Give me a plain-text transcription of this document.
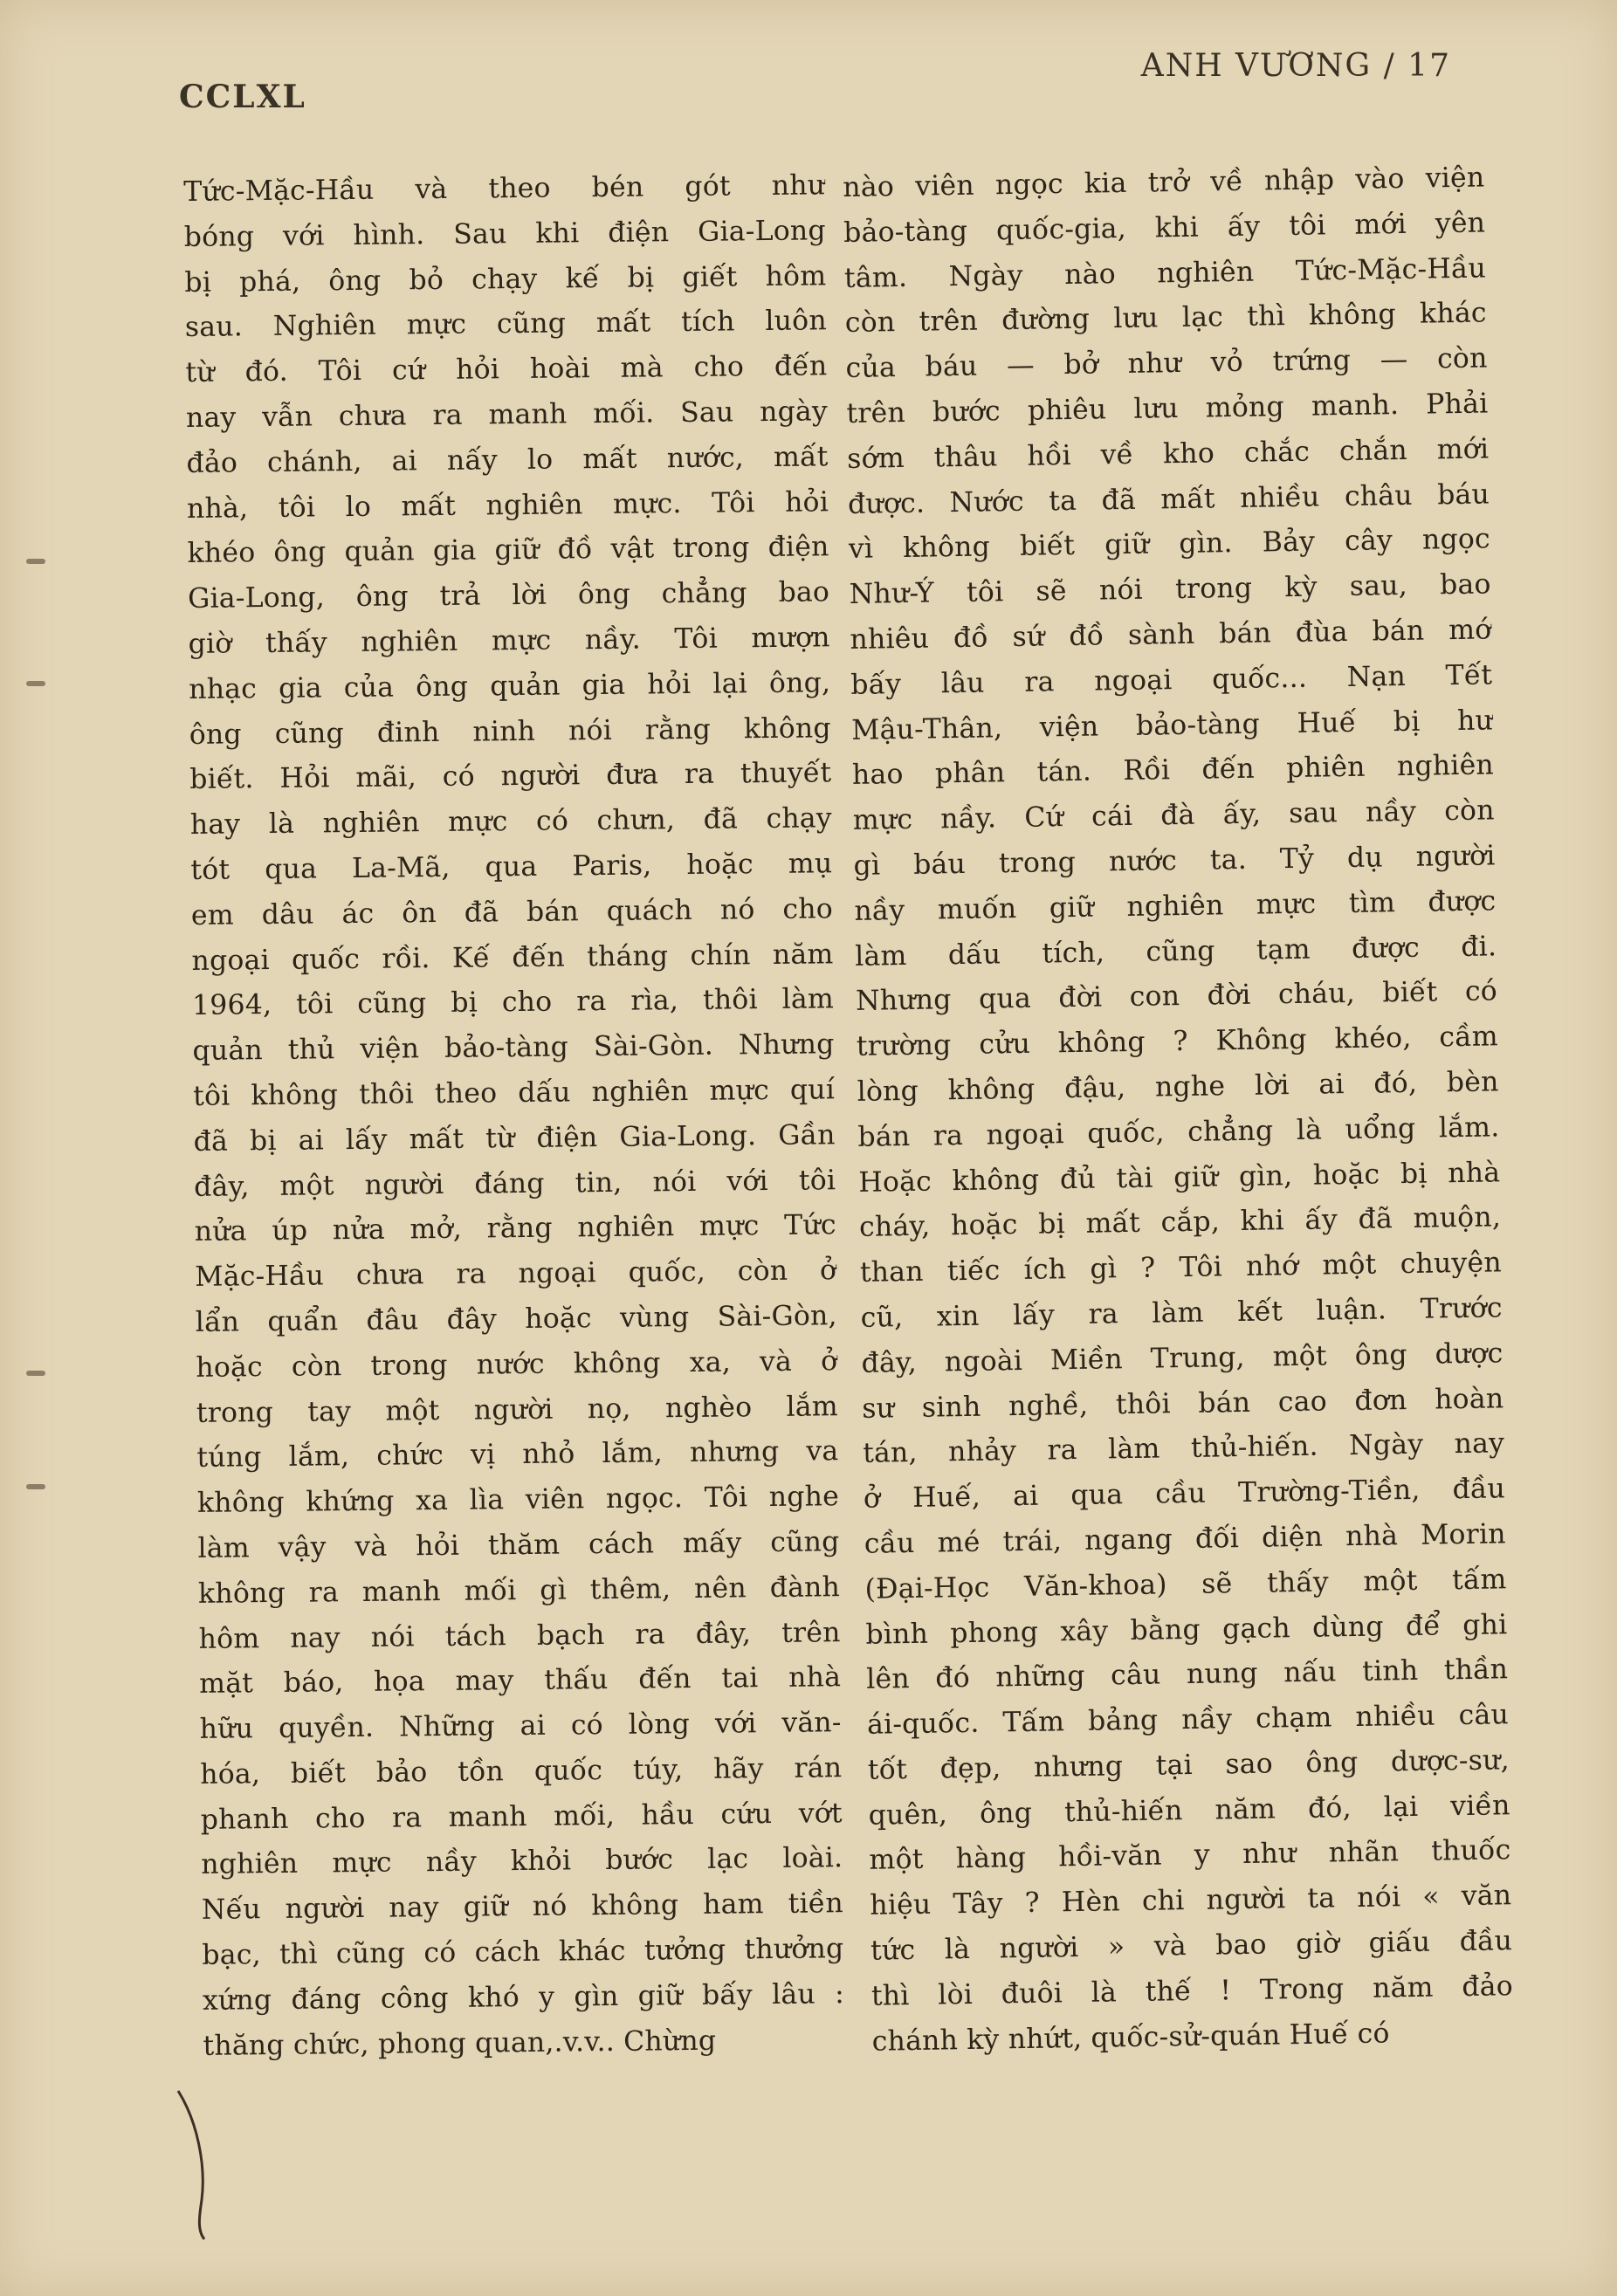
CCLXL
ANH VƯƠNG / 17
Tức-Mặc-Hầu và theo bén gót như
bóng với hình. Sau khi điện Gia-Long
bị phá, ông bỏ chạy kế bị giết hôm
sau. Nghiên mực cũng mất tích luôn
từ đó. Tôi cứ hỏi hoài mà cho đến
nay vẫn chưa ra manh mối. Sau ngày
đảo chánh, ai nấy lo mất nước, mất
nhà, tôi lo mất nghiên mực. Tôi hỏi
khéo ông quản gia giữ đồ vật trong điện
Gia-Long, ông trả lời ông chẳng bao
giờ thấy nghiên mực nầy. Tôi mượn
nhạc gia của ông quản gia hỏi lại ông,
ông cũng đinh ninh nói rằng không
biết. Hỏi mãi, có người đưa ra thuyết
hay là nghiên mực có chưn, đã chạy
tót qua La-Mã, qua Paris, hoặc mụ
em dâu ác ôn đã bán quách nó cho
ngoại quốc rồi. Kế đến tháng chín năm
1964, tôi cũng bị cho ra rìa, thôi làm
quản thủ viện bảo-tàng Sài-Gòn. Nhưng
tôi không thôi theo dấu nghiên mực quí
đã bị ai lấy mất từ điện Gia-Long. Gần
đây, một người đáng tin, nói với tôi
nửa úp nửa mở, rằng nghiên mực Tức
Mặc-Hầu chưa ra ngoại quốc, còn ở
lẩn quẩn đâu đây hoặc vùng Sài-Gòn,
hoặc còn trong nước không xa, và ở
trong tay một người nọ, nghèo lắm
túng lắm, chức vị nhỏ lắm, nhưng va
không khứng xa lìa viên ngọc. Tôi nghe
làm vậy và hỏi thăm cách mấy cũng
không ra manh mối gì thêm, nên đành
hôm nay nói tách bạch ra đây, trên
mặt báo, họa may thấu đến tai nhà
hữu quyền. Những ai có lòng với văn-
hóa, biết bảo tồn quốc túy, hãy rán
phanh cho ra manh mối, hầu cứu vớt
nghiên mực nầy khỏi bước lạc loài.
Nếu người nay giữ nó không ham tiền
bạc, thì cũng có cách khác tưởng thưởng
xứng đáng công khó y gìn giữ bấy lâu :
thăng chức, phong quan,.v.v.. Chừng
nào viên ngọc kia trở về nhập vào viện
bảo-tàng quốc-gia, khi ấy tôi mới yên
tâm. Ngày nào nghiên Tức-Mặc-Hầu
còn trên đường lưu lạc thì không khác
của báu — bở như vỏ trứng — còn
trên bước phiêu lưu mỏng manh. Phải
sớm thâu hồi về kho chắc chắn mới
được. Nước ta đã mất nhiều châu báu
vì không biết giữ gìn. Bảy cây ngọc
Như-Ý tôi sẽ nói trong kỳ sau, bao
nhiêu đồ sứ đồ sành bán đùa bán mớ
bấy lâu ra ngoại quốc... Nạn Tết
Mậu-Thân, viện bảo-tàng Huế bị hư
hao phân tán. Rồi đến phiên nghiên
mực nầy. Cứ cái đà ấy, sau nầy còn
gì báu trong nước ta. Tỷ dụ người
nầy muốn giữ nghiên mực tìm được
làm dấu tích, cũng tạm được đi.
Nhưng qua đời con đời cháu, biết có
trường cửu không ? Không khéo, cầm
lòng không đậu, nghe lời ai đó, bèn
bán ra ngoại quốc, chẳng là uổng lắm.
Hoặc không đủ tài giữ gìn, hoặc bị nhà
cháy, hoặc bị mất cắp, khi ấy đã muộn,
than tiếc ích gì ? Tôi nhớ một chuyện
cũ, xin lấy ra làm kết luận. Trước
đây, ngoài Miền Trung, một ông dược
sư sinh nghề, thôi bán cao đơn hoàn
tán, nhảy ra làm thủ-hiến. Ngày nay
ở Huế, ai qua cầu Trường-Tiền, đầu
cầu mé trái, ngang đối diện nhà Morin
(Đại-Học Văn-khoa) sẽ thấy một tấm
bình phong xây bằng gạch dùng để ghi
lên đó những câu nung nấu tinh thần
ái-quốc. Tấm bảng nầy chạm nhiều câu
tốt đẹp, nhưng tại sao ông dược-sư,
quên, ông thủ-hiến năm đó, lại viền
một hàng hồi-văn y như nhãn thuốc
hiệu Tây ? Hèn chi người ta nói « văn
tức là người » và bao giờ giấu đầu
thì lòi đuôi là thế ! Trong năm đảo
chánh kỳ nhứt, quốc-sử-quán Huế có
